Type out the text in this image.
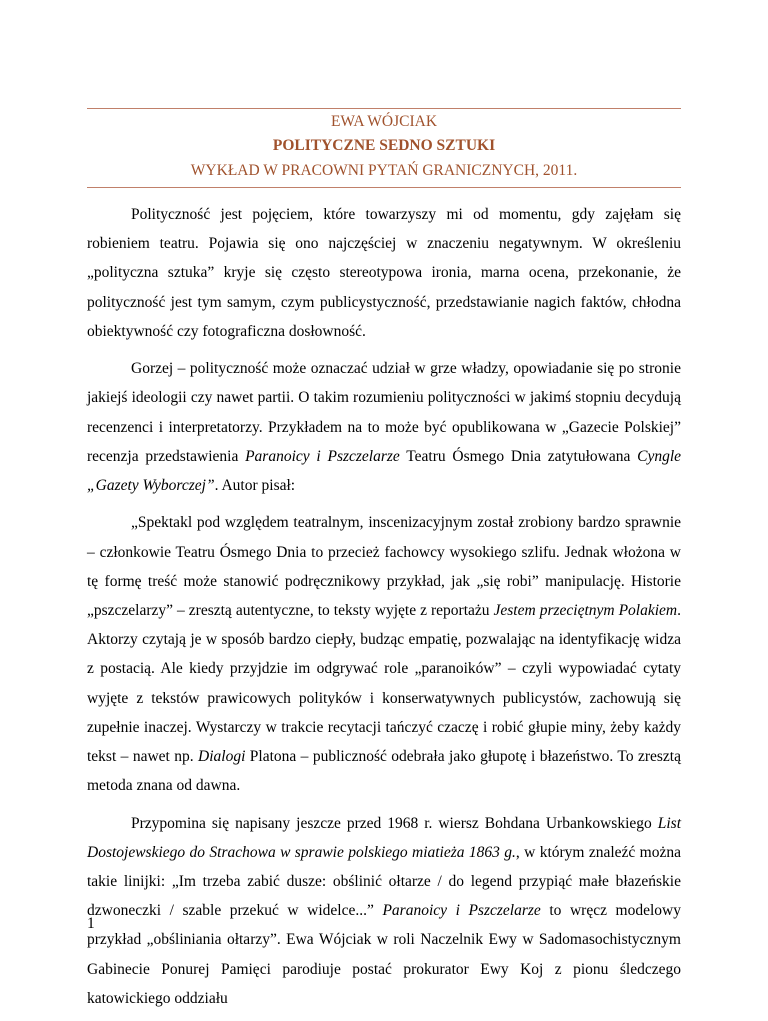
EWA WÓJCIAK
POLITYCZNE SEDNO SZTUKI
WYKŁAD W PRACOWNI PYTAŃ GRANICZNYCH, 2011.

Polityczność jest pojęciem, które towarzyszy mi od momentu, gdy zajęłam się robieniem teatru. Pojawia się ono najczęściej w znaczeniu negatywnym. W określeniu „polityczna sztuka” kryje się często stereotypowa ironia, marna ocena, przekonanie, że polityczność jest tym samym, czym publicystyczność, przedstawianie nagich faktów, chłodna obiektywność czy fotograficzna dosłowność.

Gorzej – polityczność może oznaczać udział w grze władzy, opowiadanie się po stronie jakiejś ideologii czy nawet partii. O takim rozumieniu polityczności w jakimś stopniu decydują recenzenci i interpretatorzy. Przykładem na to może być opublikowana w „Gazecie Polskiej” recenzja przedstawienia Paranoicy i Pszczelarze Teatru Ósmego Dnia zatytułowana Cyngle „Gazety Wyborczej”. Autor pisał:

„Spektakl pod względem teatralnym, inscenizacyjnym został zrobiony bardzo sprawnie – członkowie Teatru Ósmego Dnia to przecież fachowcy wysokiego szlifu. Jednak włożona w tę formę treść może stanowić podręcznikowy przykład, jak „się robi” manipulację. Historie „pszczelarzy” – zresztą autentyczne, to teksty wyjęte z reportażu Jestem przeciętnym Polakiem. Aktorzy czytają je w sposób bardzo ciepły, budząc empatię, pozwalając na identyfikację widza z postacią. Ale kiedy przyjdzie im odgrywać role „paranoików” – czyli wypowiadać cytaty wyjęte z tekstów prawicowych polityków i konserwatywnych publicystów, zachowują się zupełnie inaczej. Wystarczy w trakcie recytacji tańczyć czaczę i robić głupie miny, żeby każdy tekst – nawet np. Dialogi Platona – publiczność odebrała jako głupotę i błazeństwo. To zresztą metoda znana od dawna.

Przypomina się napisany jeszcze przed 1968 r. wiersz Bohdana Urbankowskiego List Dostojewskiego do Strachowa w sprawie polskiego miatieża 1863 g., w którym znaleźć można takie linijki: „Im trzeba zabić dusze: obślinić ołtarze / do legend przypiąć małe błazeńskie dzwoneczki / szable przekuć w widelce...” Paranoicy i Pszczelarze to wręcz modelowy przykład „obśliniania ołtarzy”. Ewa Wójciak w roli Naczelnik Ewy w Sadomasochistycznym Gabinecie Ponurej Pamięci parodiuje postać prokurator Ewy Koj z pionu śledczego katowickiego oddziału

1
